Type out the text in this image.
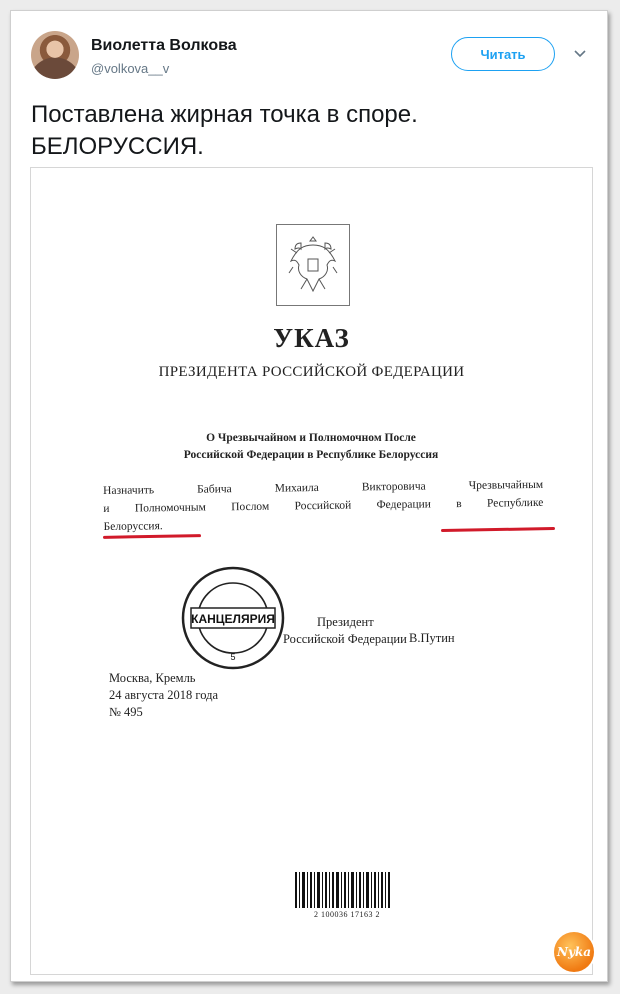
Виолетта Волкова
@volkova__v
Читать
Поставлена жирная точка в споре.
БЕЛОРУССИЯ.
УКАЗ
ПРЕЗИДЕНТА РОССИЙСКОЙ ФЕДЕРАЦИИ
О Чрезвычайном и Полномочном После
Российской Федерации в Республике Белоруссия
Назначить Бабича Михаила Викторовича Чрезвычайным
и Полномочным Послом Российской Федерации в Республике
Белоруссия.
КАНЦЕЛЯРИЯ
5
Президент
Российской Федерации В.Путин
Москва, Кремль
24 августа 2018 года
№ 495
2 100036 17163 2
Nyka
